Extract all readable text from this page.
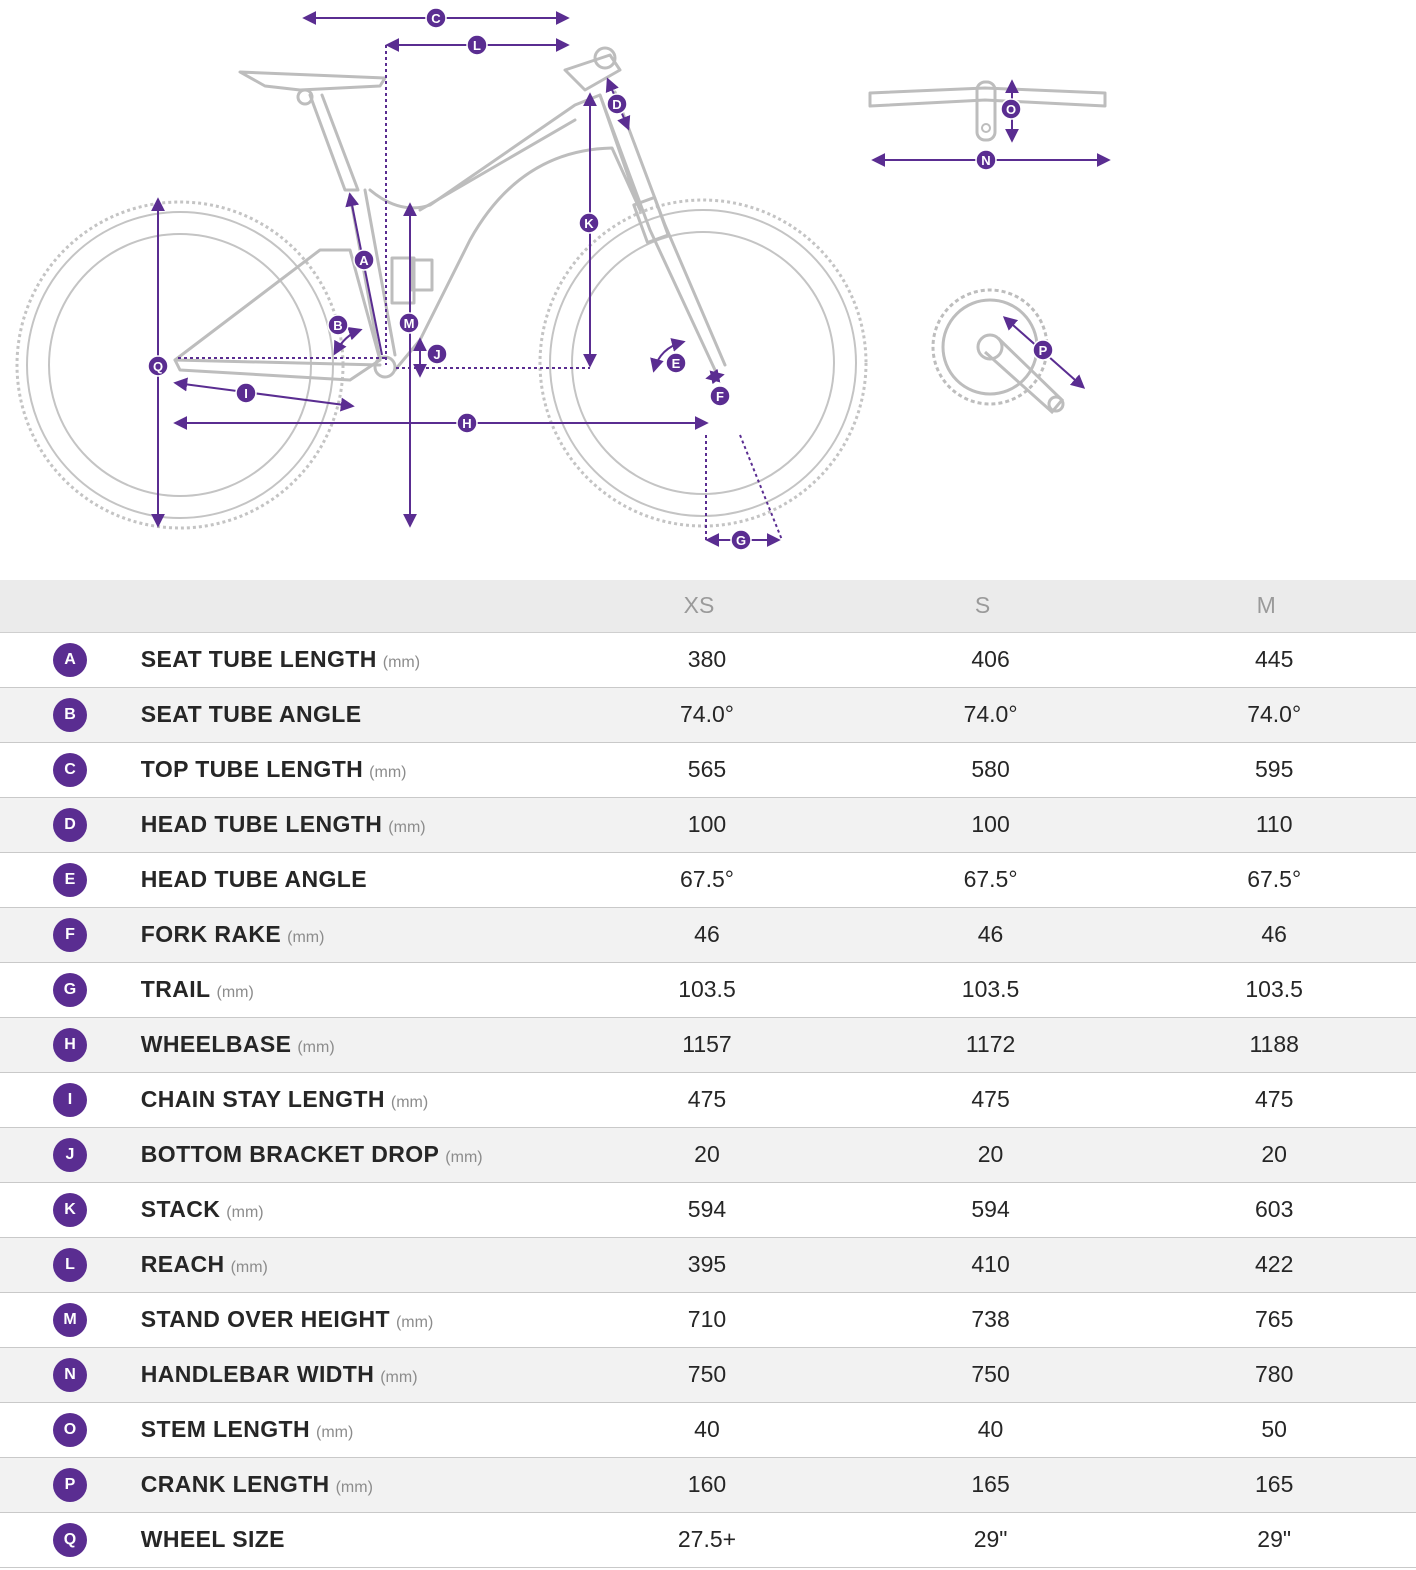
A
B
C
D
E
F
G
H
I
J
K
L
M
N
O
P
Q
		XS	S	M
A	SEAT TUBE LENGTH (mm)	380	406	445
B	SEAT TUBE ANGLE	74.0°	74.0°	74.0°
C	TOP TUBE LENGTH (mm)	565	580	595
D	HEAD TUBE LENGTH (mm)	100	100	110
E	HEAD TUBE ANGLE	67.5°	67.5°	67.5°
F	FORK RAKE (mm)	46	46	46
G	TRAIL (mm)	103.5	103.5	103.5
H	WHEELBASE (mm)	1157	1172	1188
I	CHAIN STAY LENGTH (mm)	475	475	475
J	BOTTOM BRACKET DROP (mm)	20	20	20
K	STACK (mm)	594	594	603
L	REACH (mm)	395	410	422
M	STAND OVER HEIGHT (mm)	710	738	765
N	HANDLEBAR WIDTH (mm)	750	750	780
O	STEM LENGTH (mm)	40	40	50
P	CRANK LENGTH (mm)	160	165	165
Q	WHEEL SIZE	27.5+	29"	29"
